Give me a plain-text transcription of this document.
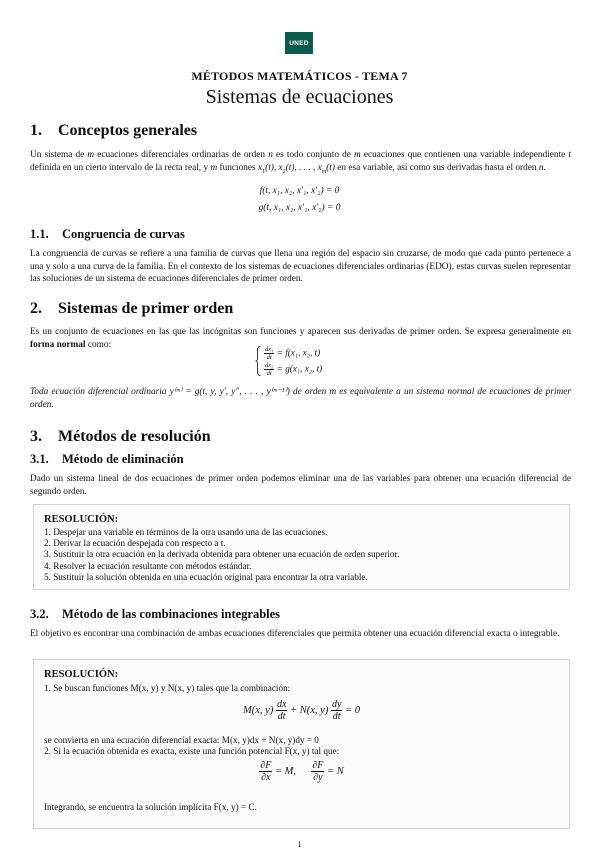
UNED
MÉTODOS MATEMÁTICOS - TEMA 7
Sistemas de ecuaciones
1. Conceptos generales
Un sistema de m ecuaciones diferenciales ordinarias de orden n es todo conjunto de m ecuaciones que contienen una variable independiente t definida en un cierto intervalo de la recta real, y m funciones $x_1(t)$, $x_2(t)$, . . . , $x_m(t)$ en esa variable, así como sus derivadas hasta el orden n.
f(t, x₁, x₂, x′₁, x′₂) = 0
g(t, x₁, x₂, x′₁, x′₂) = 0
1.1. Congruencia de curvas
La congruencia de curvas se refiere a una familia de curvas que llena una región del espacio sin cruzarse, de modo que cada punto pertenece a una y solo a una curva de la familia. En el contexto de los sistemas de ecuaciones diferenciales ordinarias (EDO), estas curvas suelen representar las soluciones de un sistema de ecuaciones diferenciales de primer orden.
2. Sistemas de primer orden
Es un conjunto de ecuaciones en las que las incógnitas son funciones y aparecen sus derivadas de primer orden. Se expresa generalmente en forma normal como:
$\frac{\text{dx₁}}{dt} = f(x_1$, x₂, t)
$\frac{\text{dx₂}}{dt} = g(x_1$, x₂, t)
Toda ecuación diferencial ordinaria y⁽ᵐ⁾ = g(t, y, y′, y″, . . . , y⁽ᵐ⁻¹⁾) de orden m es equivalente a un sistema normal de ecuaciones de primer orden.
3. Métodos de resolución
3.1. Método de eliminación
Dado un sistema lineal de dos ecuaciones de primer orden podemos eliminar una de las variables para obtener una ecuación diferencial de segundo orden.
RESOLUCIÓN:
1. Despejar una variable en términos de la otra usando una de las ecuaciones.
2. Derivar la ecuación despejada con respecto a t.
3. Sustituir la otra ecuación en la derivada obtenida para obtener una ecuación de orden superior.
4. Resolver la ecuación resultante con métodos estándar.
5. Sustituir la solución obtenida en una ecuación original para encontrar la otra variable.
3.2. Método de las combinaciones integrables
El objetivo es encontrar una combinación de ambas ecuaciones diferenciales que permita obtener una ecuación diferencial exacta o integrable.
RESOLUCIÓN:
1. Se buscan funciones M(x, y) y N(x, y) tales que la combinación:
M(x, $y) \frac{dx}{dt} + N(x$, $y) \frac{dy}{dt} = 0$
se convierta en una ecuación diferencial exacta: M(x, y)dx + N(x, y)dy = 0
2. Si la ecuación obtenida es exacta, existe una función potencial F(x, y) tal que:
$\frac{\partial F}{\partial x} = M$, $\frac{\partial F}{\partial y} = N$
Integrando, se encuentra la solución implícita F(x, y) = C.
1
